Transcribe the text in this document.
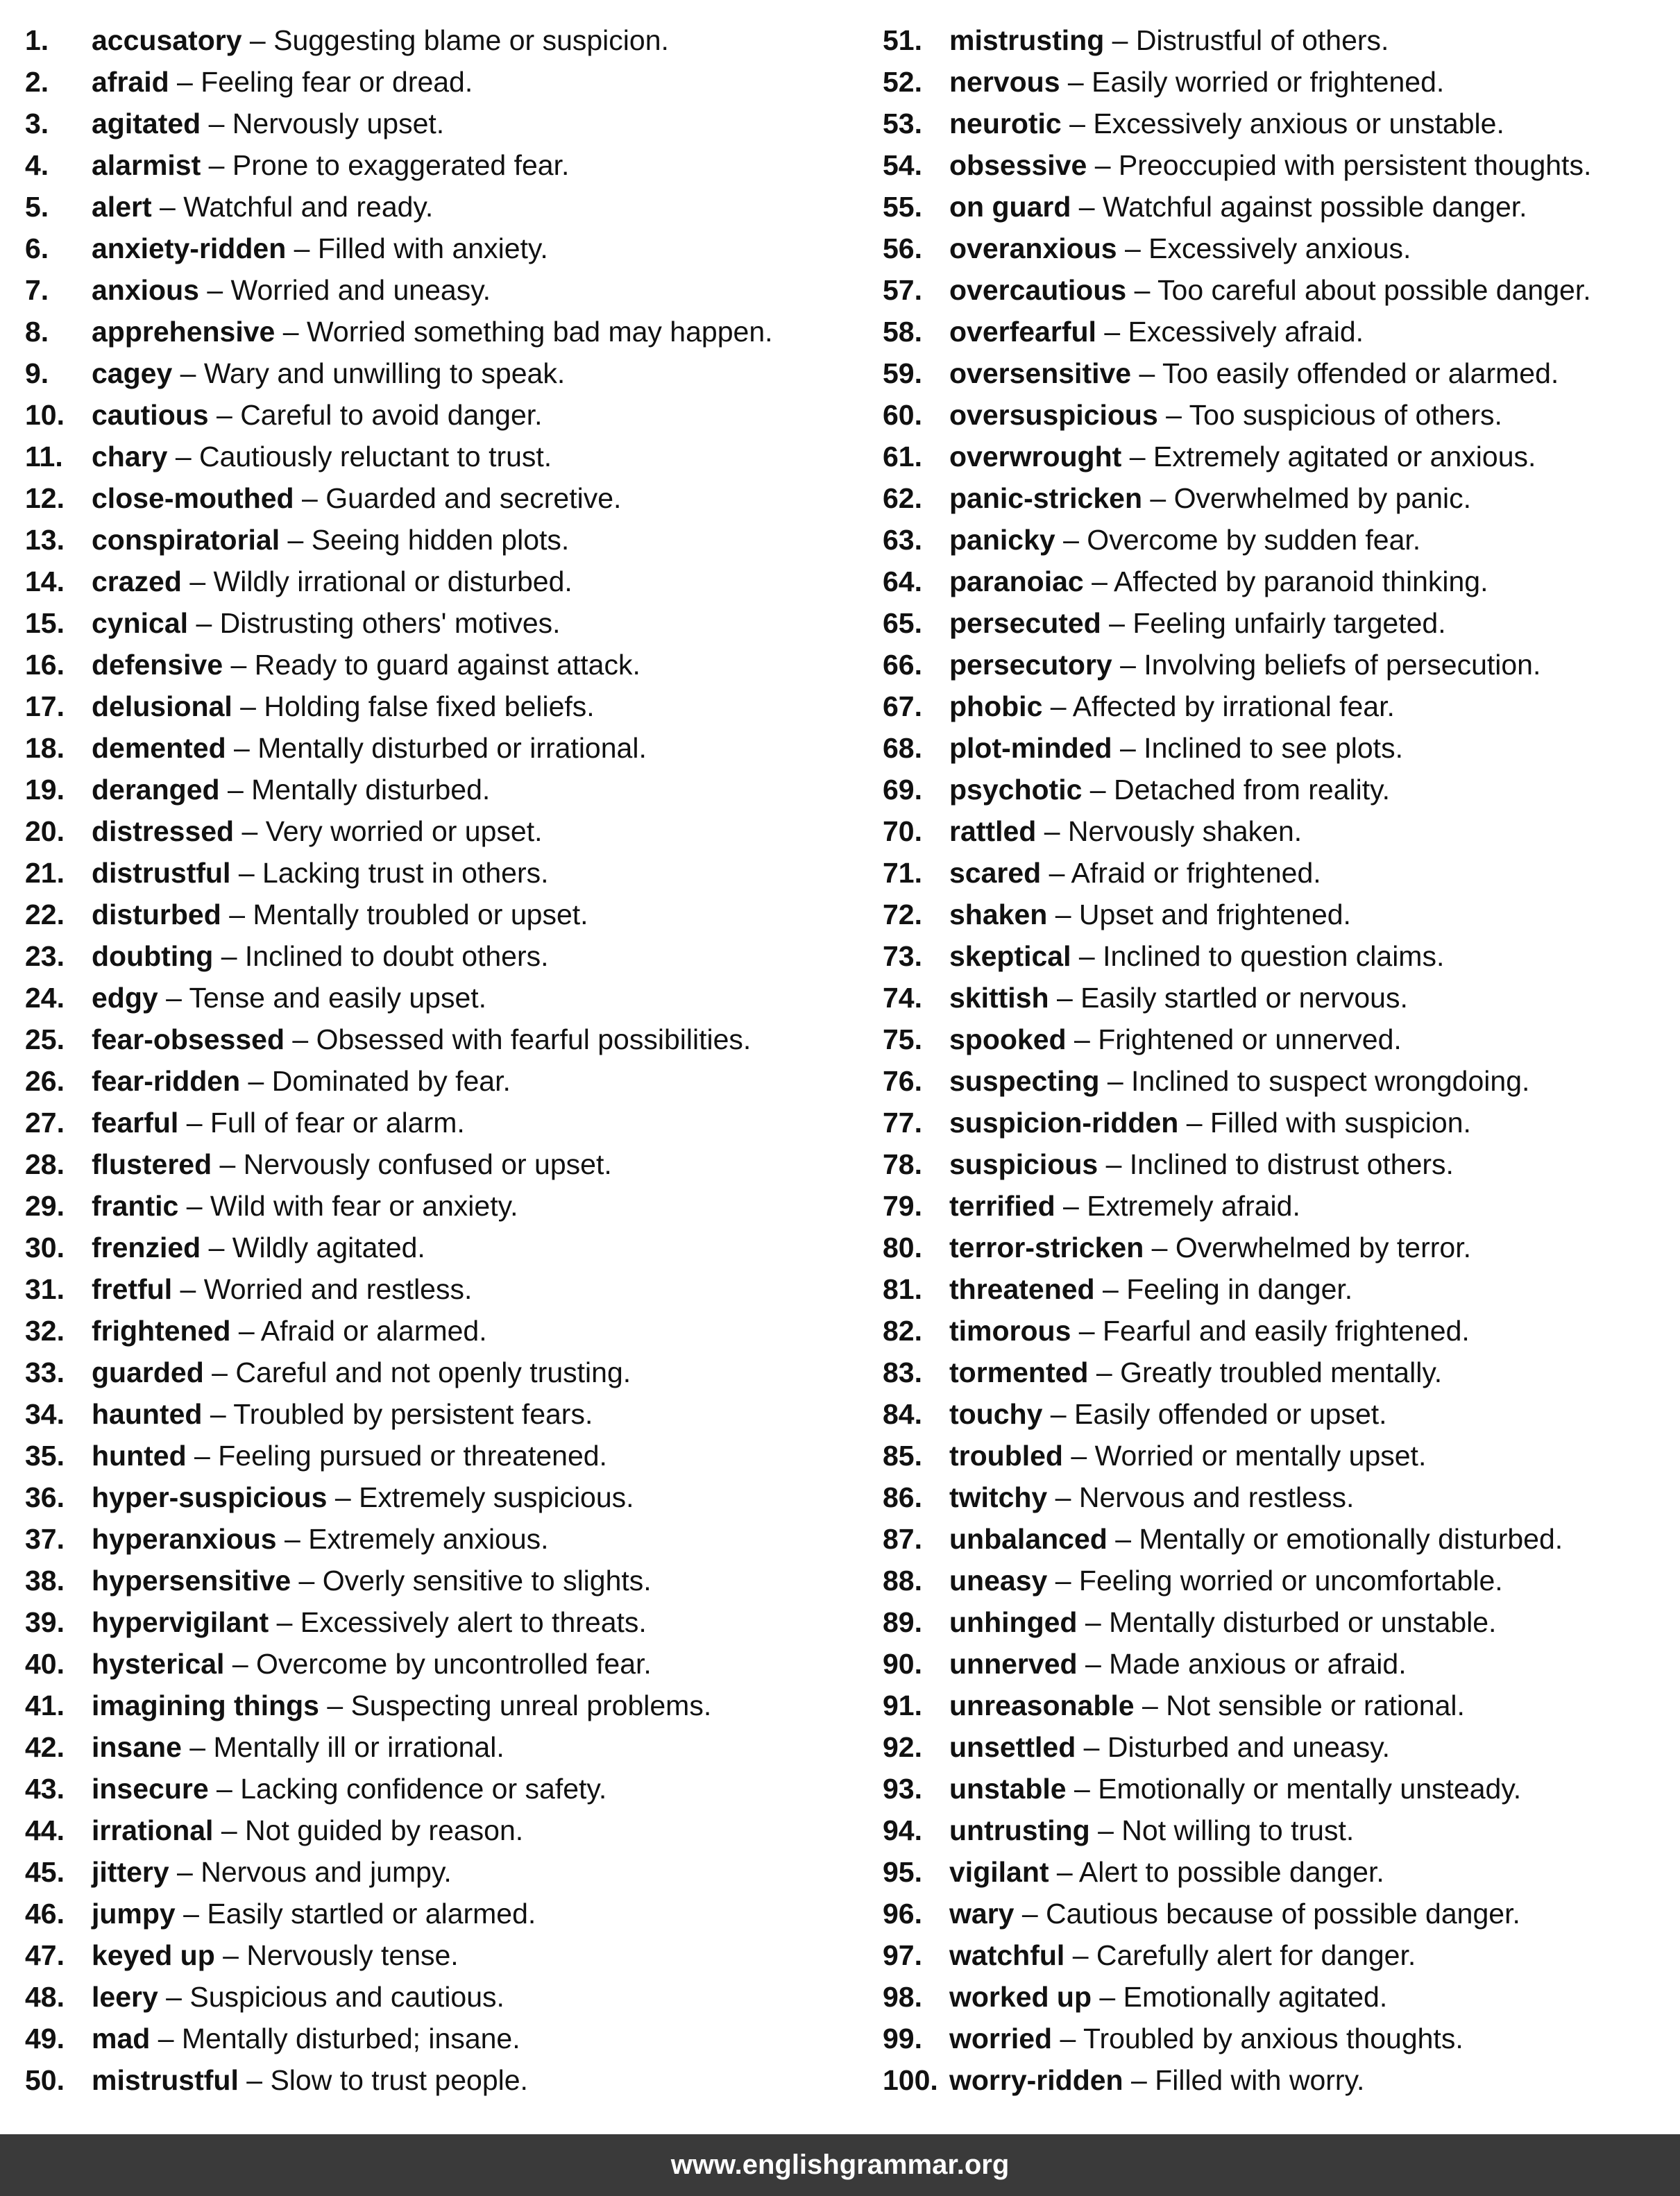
1. accusatory – Suggesting blame or suspicion.
2. afraid – Feeling fear or dread.
3. agitated – Nervously upset.
4. alarmist – Prone to exaggerated fear.
5. alert – Watchful and ready.
6. anxiety-ridden – Filled with anxiety.
7. anxious – Worried and uneasy.
8. apprehensive – Worried something bad may happen.
9. cagey – Wary and unwilling to speak.
10. cautious – Careful to avoid danger.
11. chary – Cautiously reluctant to trust.
12. close-mouthed – Guarded and secretive.
13. conspiratorial – Seeing hidden plots.
14. crazed – Wildly irrational or disturbed.
15. cynical – Distrusting others' motives.
16. defensive – Ready to guard against attack.
17. delusional – Holding false fixed beliefs.
18. demented – Mentally disturbed or irrational.
19. deranged – Mentally disturbed.
20. distressed – Very worried or upset.
21. distrustful – Lacking trust in others.
22. disturbed – Mentally troubled or upset.
23. doubting – Inclined to doubt others.
24. edgy – Tense and easily upset.
25. fear-obsessed – Obsessed with fearful possibilities.
26. fear-ridden – Dominated by fear.
27. fearful – Full of fear or alarm.
28. flustered – Nervously confused or upset.
29. frantic – Wild with fear or anxiety.
30. frenzied – Wildly agitated.
31. fretful – Worried and restless.
32. frightened – Afraid or alarmed.
33. guarded – Careful and not openly trusting.
34. haunted – Troubled by persistent fears.
35. hunted – Feeling pursued or threatened.
36. hyper-suspicious – Extremely suspicious.
37. hyperanxious – Extremely anxious.
38. hypersensitive – Overly sensitive to slights.
39. hypervigilant – Excessively alert to threats.
40. hysterical – Overcome by uncontrolled fear.
41. imagining things – Suspecting unreal problems.
42. insane – Mentally ill or irrational.
43. insecure – Lacking confidence or safety.
44. irrational – Not guided by reason.
45. jittery – Nervous and jumpy.
46. jumpy – Easily startled or alarmed.
47. keyed up – Nervously tense.
48. leery – Suspicious and cautious.
49. mad – Mentally disturbed; insane.
50. mistrustful – Slow to trust people.
51. mistrusting – Distrustful of others.
52. nervous – Easily worried or frightened.
53. neurotic – Excessively anxious or unstable.
54. obsessive – Preoccupied with persistent thoughts.
55. on guard – Watchful against possible danger.
56. overanxious – Excessively anxious.
57. overcautious – Too careful about possible danger.
58. overfearful – Excessively afraid.
59. oversensitive – Too easily offended or alarmed.
60. oversuspicious – Too suspicious of others.
61. overwrought – Extremely agitated or anxious.
62. panic-stricken – Overwhelmed by panic.
63. panicky – Overcome by sudden fear.
64. paranoiac – Affected by paranoid thinking.
65. persecuted – Feeling unfairly targeted.
66. persecutory – Involving beliefs of persecution.
67. phobic – Affected by irrational fear.
68. plot-minded – Inclined to see plots.
69. psychotic – Detached from reality.
70. rattled – Nervously shaken.
71. scared – Afraid or frightened.
72. shaken – Upset and frightened.
73. skeptical – Inclined to question claims.
74. skittish – Easily startled or nervous.
75. spooked – Frightened or unnerved.
76. suspecting – Inclined to suspect wrongdoing.
77. suspicion-ridden – Filled with suspicion.
78. suspicious – Inclined to distrust others.
79. terrified – Extremely afraid.
80. terror-stricken – Overwhelmed by terror.
81. threatened – Feeling in danger.
82. timorous – Fearful and easily frightened.
83. tormented – Greatly troubled mentally.
84. touchy – Easily offended or upset.
85. troubled – Worried or mentally upset.
86. twitchy – Nervous and restless.
87. unbalanced – Mentally or emotionally disturbed.
88. uneasy – Feeling worried or uncomfortable.
89. unhinged – Mentally disturbed or unstable.
90. unnerved – Made anxious or afraid.
91. unreasonable – Not sensible or rational.
92. unsettled – Disturbed and uneasy.
93. unstable – Emotionally or mentally unsteady.
94. untrusting – Not willing to trust.
95. vigilant – Alert to possible danger.
96. wary – Cautious because of possible danger.
97. watchful – Carefully alert for danger.
98. worked up – Emotionally agitated.
99. worried – Troubled by anxious thoughts.
100. worry-ridden – Filled with worry.
www.englishgrammar.org
